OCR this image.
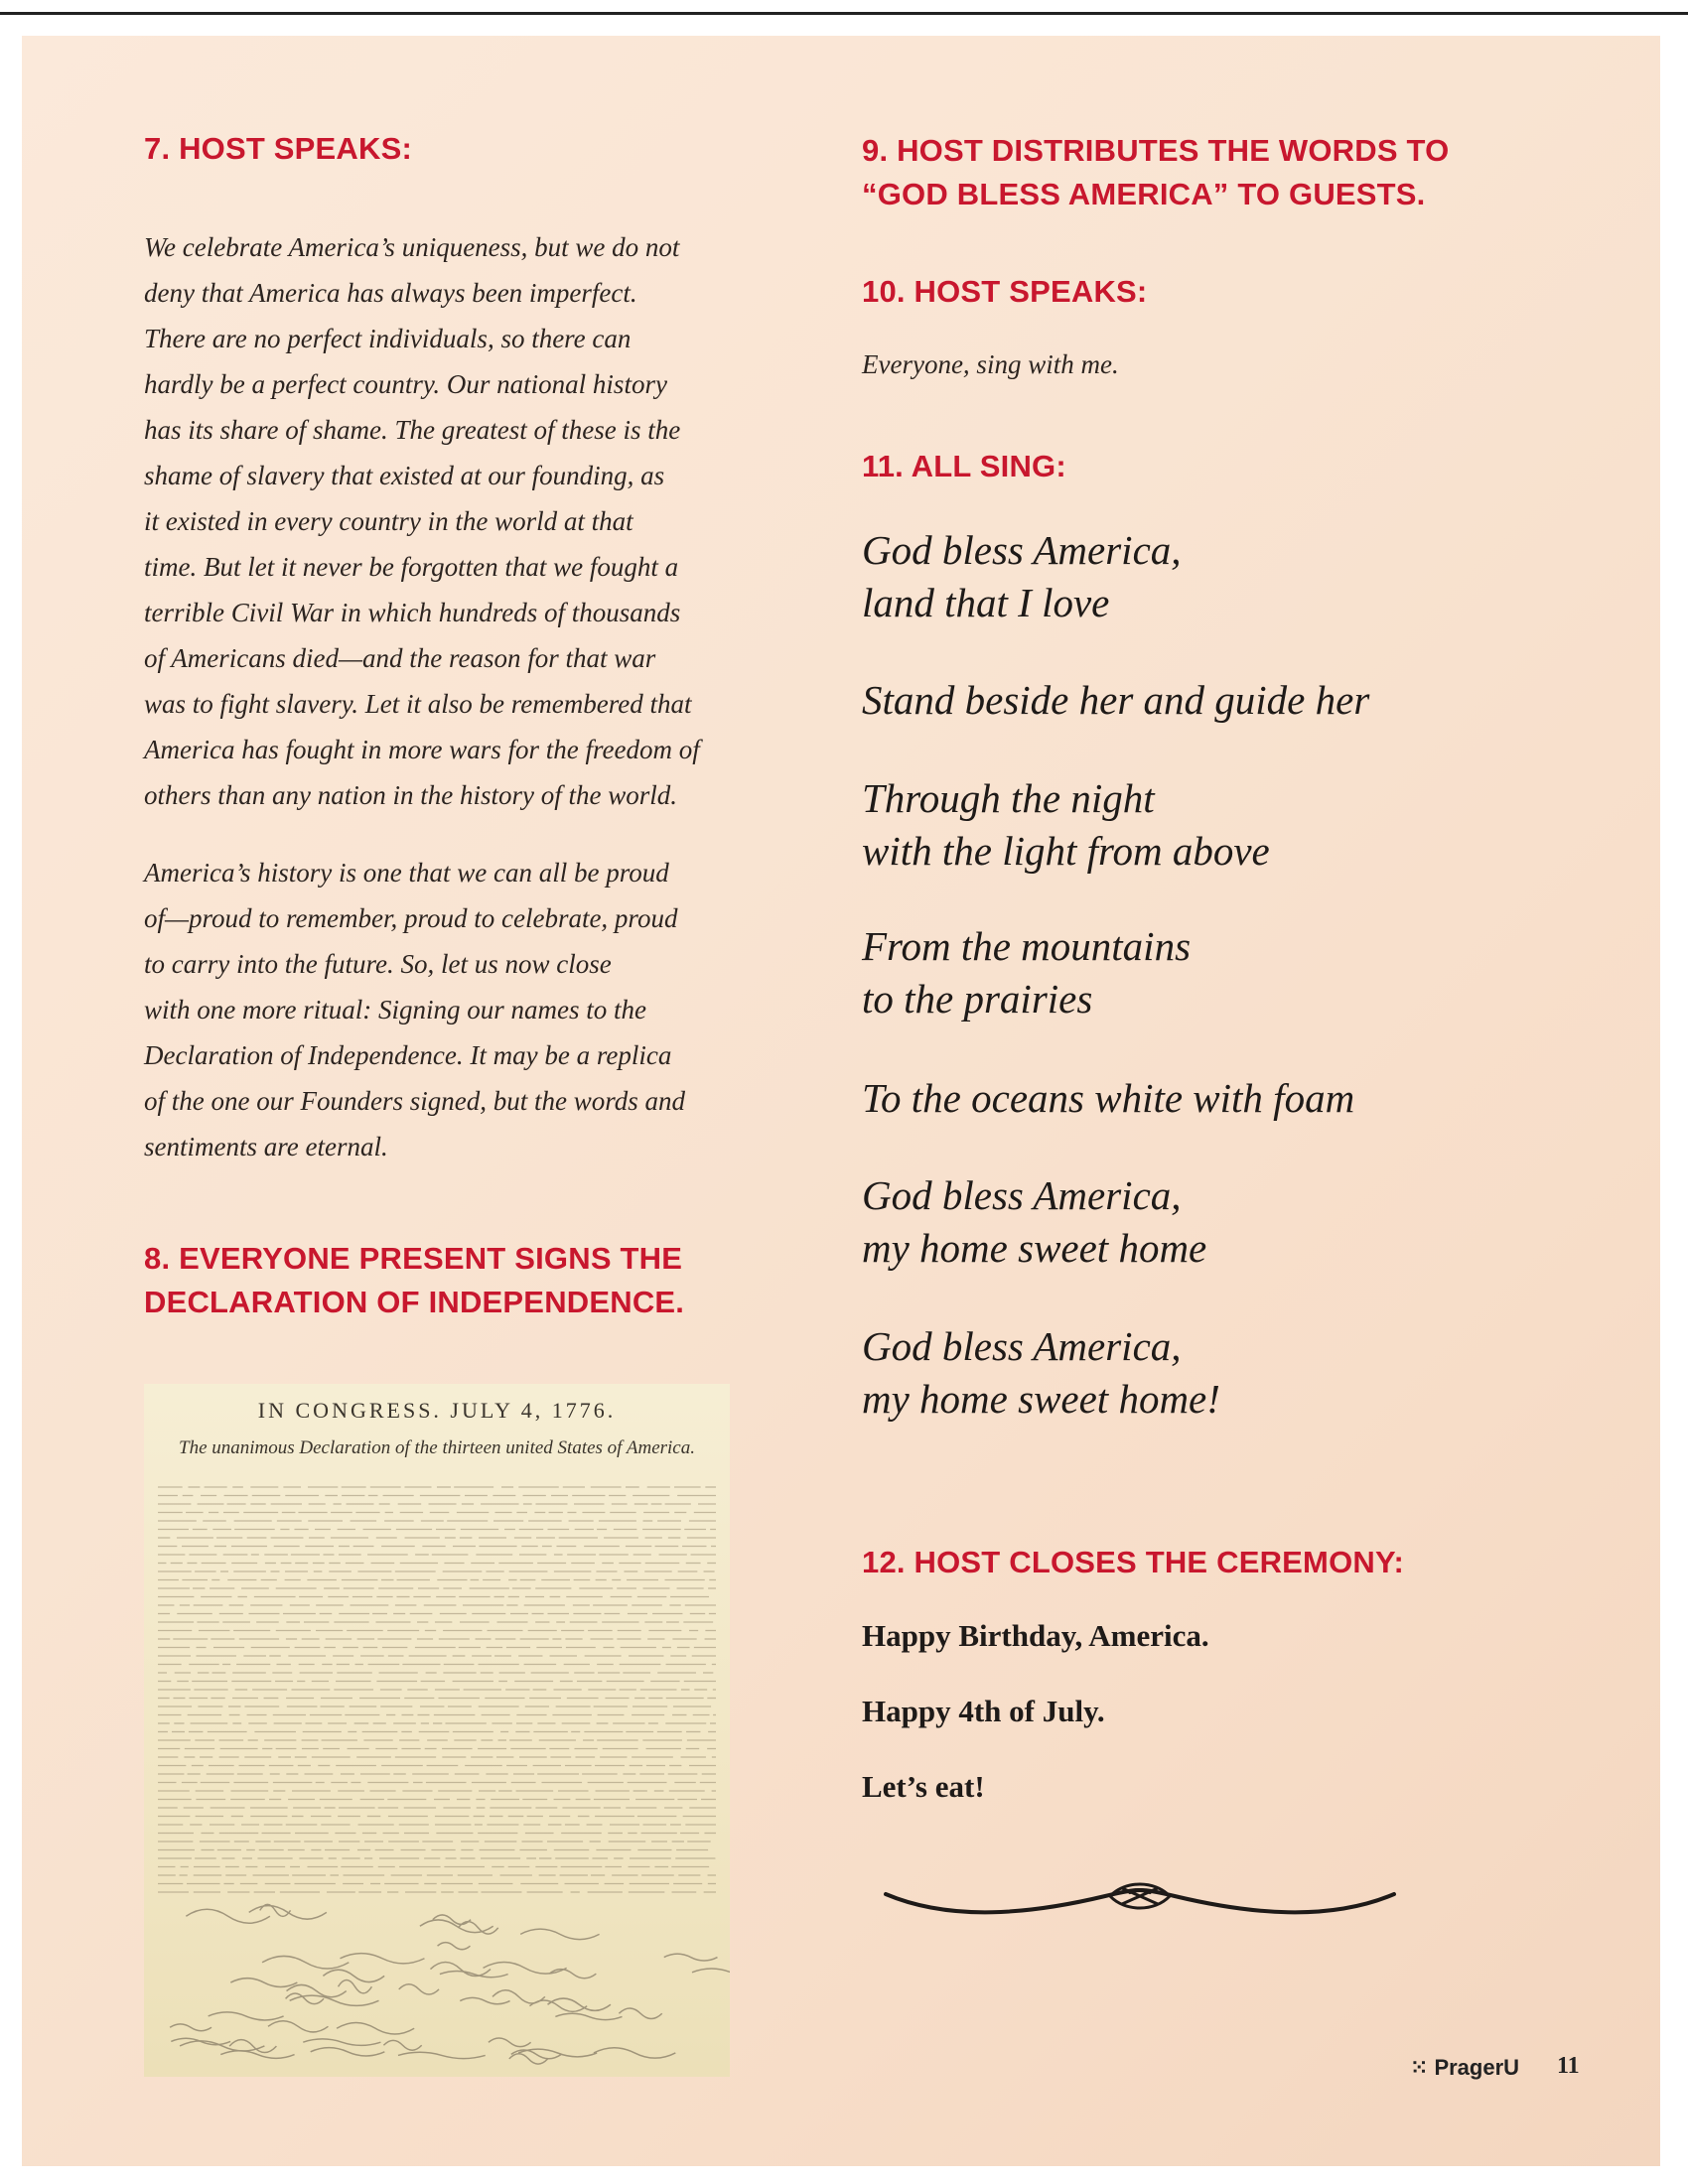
7. HOST SPEAKS:
We celebrate America’s uniqueness, but we do not
deny that America has always been imperfect.
There are no perfect individuals, so there can
hardly be a perfect country. Our national history
has its share of shame. The greatest of these is the
shame of slavery that existed at our founding, as
it existed in every country in the world at that
time. But let it never be forgotten that we fought a
terrible Civil War in which hundreds of thousands
of Americans died—and the reason for that war
was to fight slavery. Let it also be remembered that
America has fought in more wars for the freedom of
others than any nation in the history of the world.
America’s history is one that we can all be proud
of—proud to remember, proud to celebrate, proud
to carry into the future. So, let us now close
with one more ritual: Signing our names to the
Declaration of Independence. It may be a replica
of the one our Founders signed, but the words and
sentiments are eternal.
8. EVERYONE PRESENT SIGNS THE
DECLARATION OF INDEPENDENCE.
IN CONGRESS. JULY 4, 1776.
The unanimous Declaration of the thirteen united States of America.
9. HOST DISTRIBUTES THE WORDS TO
“GOD BLESS AMERICA” TO GUESTS.
10. HOST SPEAKS:

Everyone, sing with me.

11. ALL SING:
God bless America,
land that I love
Stand beside her and guide her
Through the night
with the light from above
From the mountains
to the prairies
To the oceans white with foam
God bless America,
my home sweet home
God bless America,
my home sweet home!
12. HOST CLOSES THE CEREMONY:

Happy Birthday, America.

Happy 4th of July.

Let’s eat!

⁙ PragerU 11
